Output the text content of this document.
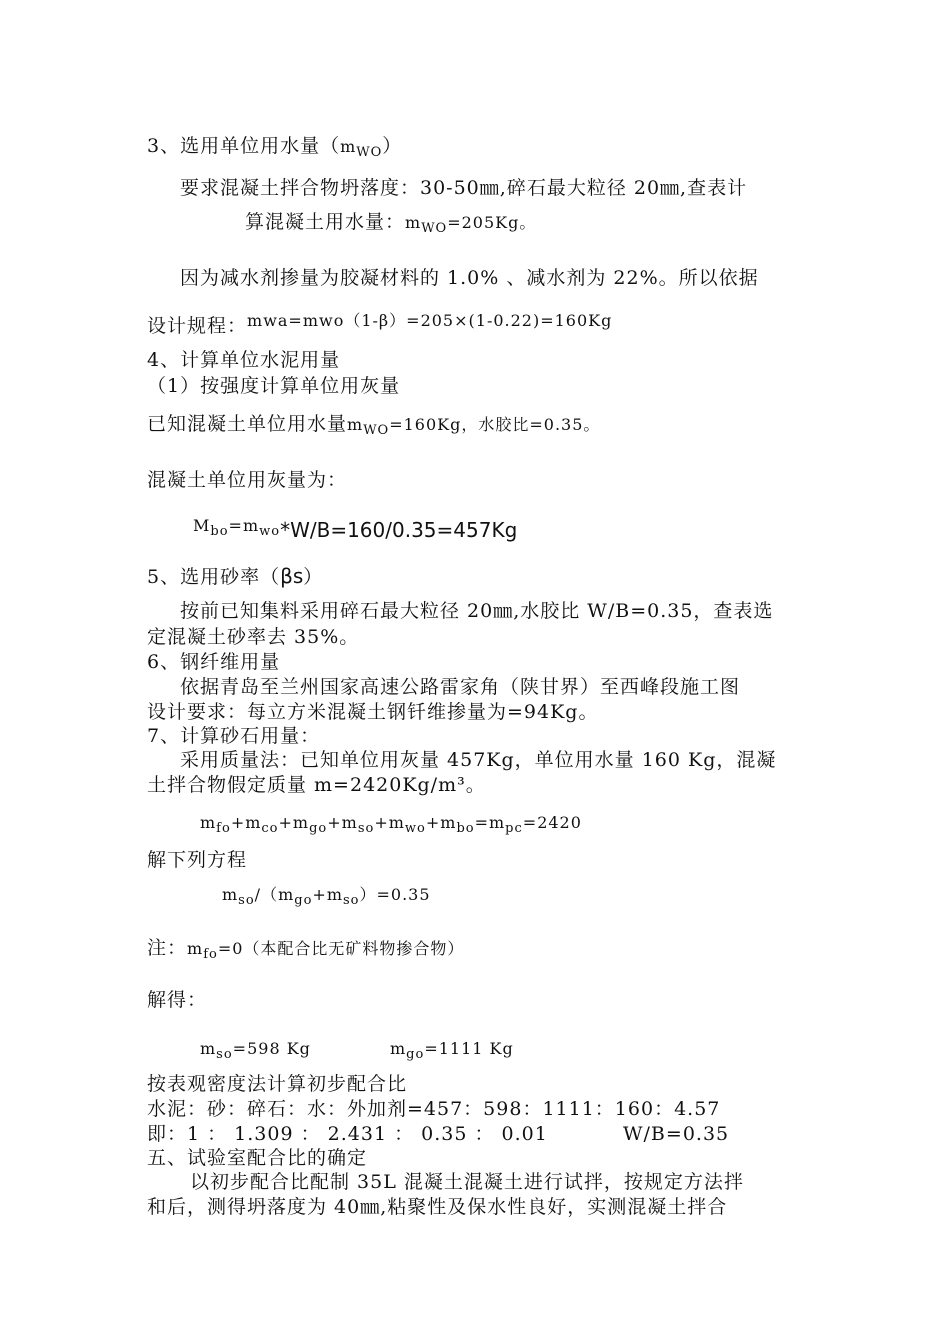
3、选用单位用水量$(m_{WO})$
要求混凝土拌合物坍落度：30-50㎜,碎石最大粒径 20㎜,查表计
算混凝土用水量：$m_{WO}=205Kg$。
因为减水剂掺量为胶凝材料的 1.0% 、减水剂为 22%。所以依据
设计规程：$^{mwa=mwo(1-\beta)=205\times(1-0.22)=160Kg}$
4、计算单位水泥用量
（1）按强度计算单位用灰量
已知混凝土单位用水量$m_{WO}=160Kg$，水胶比=0.35。
混凝土单位用灰量为：
$M_{bo}=m_{wo}*W/B=160/0.35=457Kg$
5、选用砂率（βs）
按前已知集料采用碎石最大粒径 20㎜,水胶比 W/B=0.35，查表选
定混凝土砂率去 35%。
6、钢纤维用量
依据青岛至兰州国家高速公路雷家角（陕甘界）至西峰段施工图
设计要求：每立方米混凝土钢钎维掺量为=94Kg。
7、计算砂石用量：
采用质量法：已知单位用灰量 457Kg，单位用水量 160 Kg，混凝
土拌合物假定质量 m=2420Kg/m³。
$m_{fo}+m_{co}+m_{go}+m_{so}+m_{wo}+m_{bo}=m_{pc}=2420$
解下列方程
$m_{so}/(m_{go}+m_{so})=0.35$
注：$m_{fo}=0$（本配合比无矿料物掺合物）
解得：
$m_{so}=598$ Kg	$m_{go}=1111$ Kg
按表观密度法计算初步配合比
水泥：砂：碎石：水：外加剂=457：598：1111：160：4.57
即：1 ： 1.309 ： 2.431 ： 0.35 ： 0.01	W/B=0.35
五、试验室配合比的确定
以初步配合比配制 35L 混凝土混凝土进行试拌，按规定方法拌
和后，测得坍落度为 40㎜,粘聚性及保水性良好，实测混凝土拌合
